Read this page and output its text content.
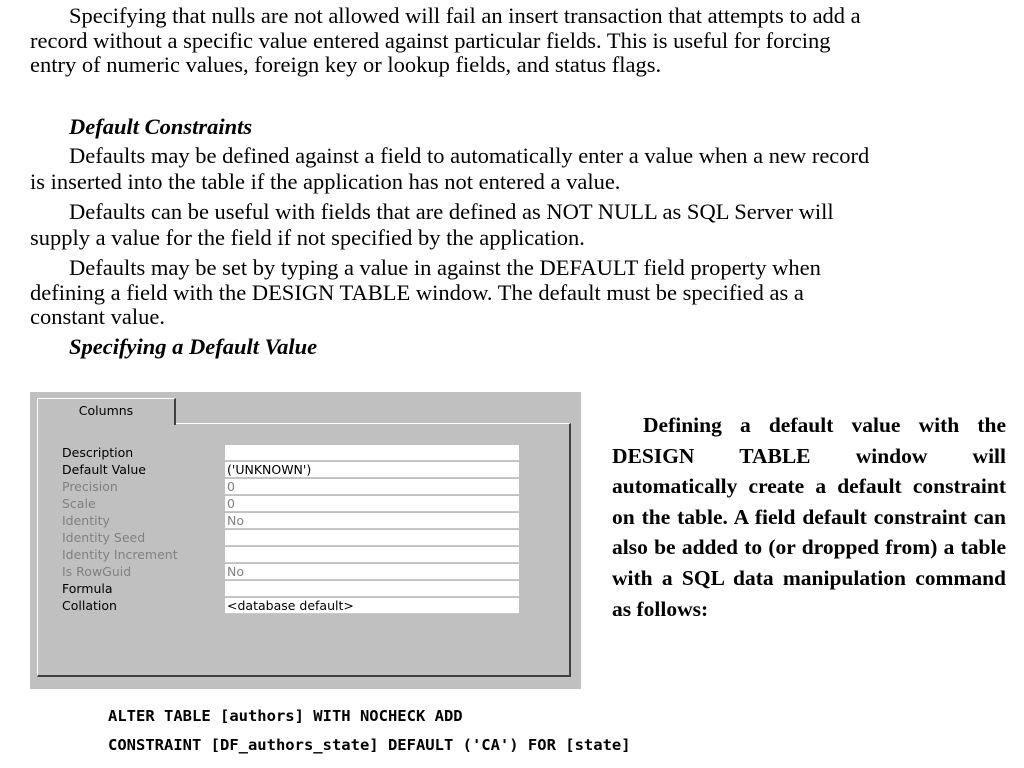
Specifying that nulls are not allowed will fail an insert transaction that attempts to add a
record without a specific value entered against particular fields. This is useful for forcing
entry of numeric values, foreign key or lookup fields, and status flags.
Default Constraints
Defaults may be defined against a field to automatically enter a value when a new record
is inserted into the table if the application has not entered a value.
Defaults can be useful with fields that are defined as NOT NULL as SQL Server will
supply a value for the field if not specified by the application.
Defaults may be set by typing a value in against the DEFAULT field property when
defining a field with the DESIGN TABLE window. The default must be specified as a
constant value.
Specifying a Default Value
Columns
Description
Default Value	('UNKNOWN')
Precision	0
Scale	0
Identity	No
Identity Seed
Identity Increment
Is RowGuid	No
Formula
Collation	<database default>
Defining a default value with the DESIGN TABLE window will automatically create a default constraint on the table. A field default constraint can also be added to (or dropped from) a table with a SQL data manipulation command as follows:
ALTER TABLE [authors] WITH NOCHECK ADD
CONSTRAINT [DF_authors_state] DEFAULT ('CA') FOR [state]
